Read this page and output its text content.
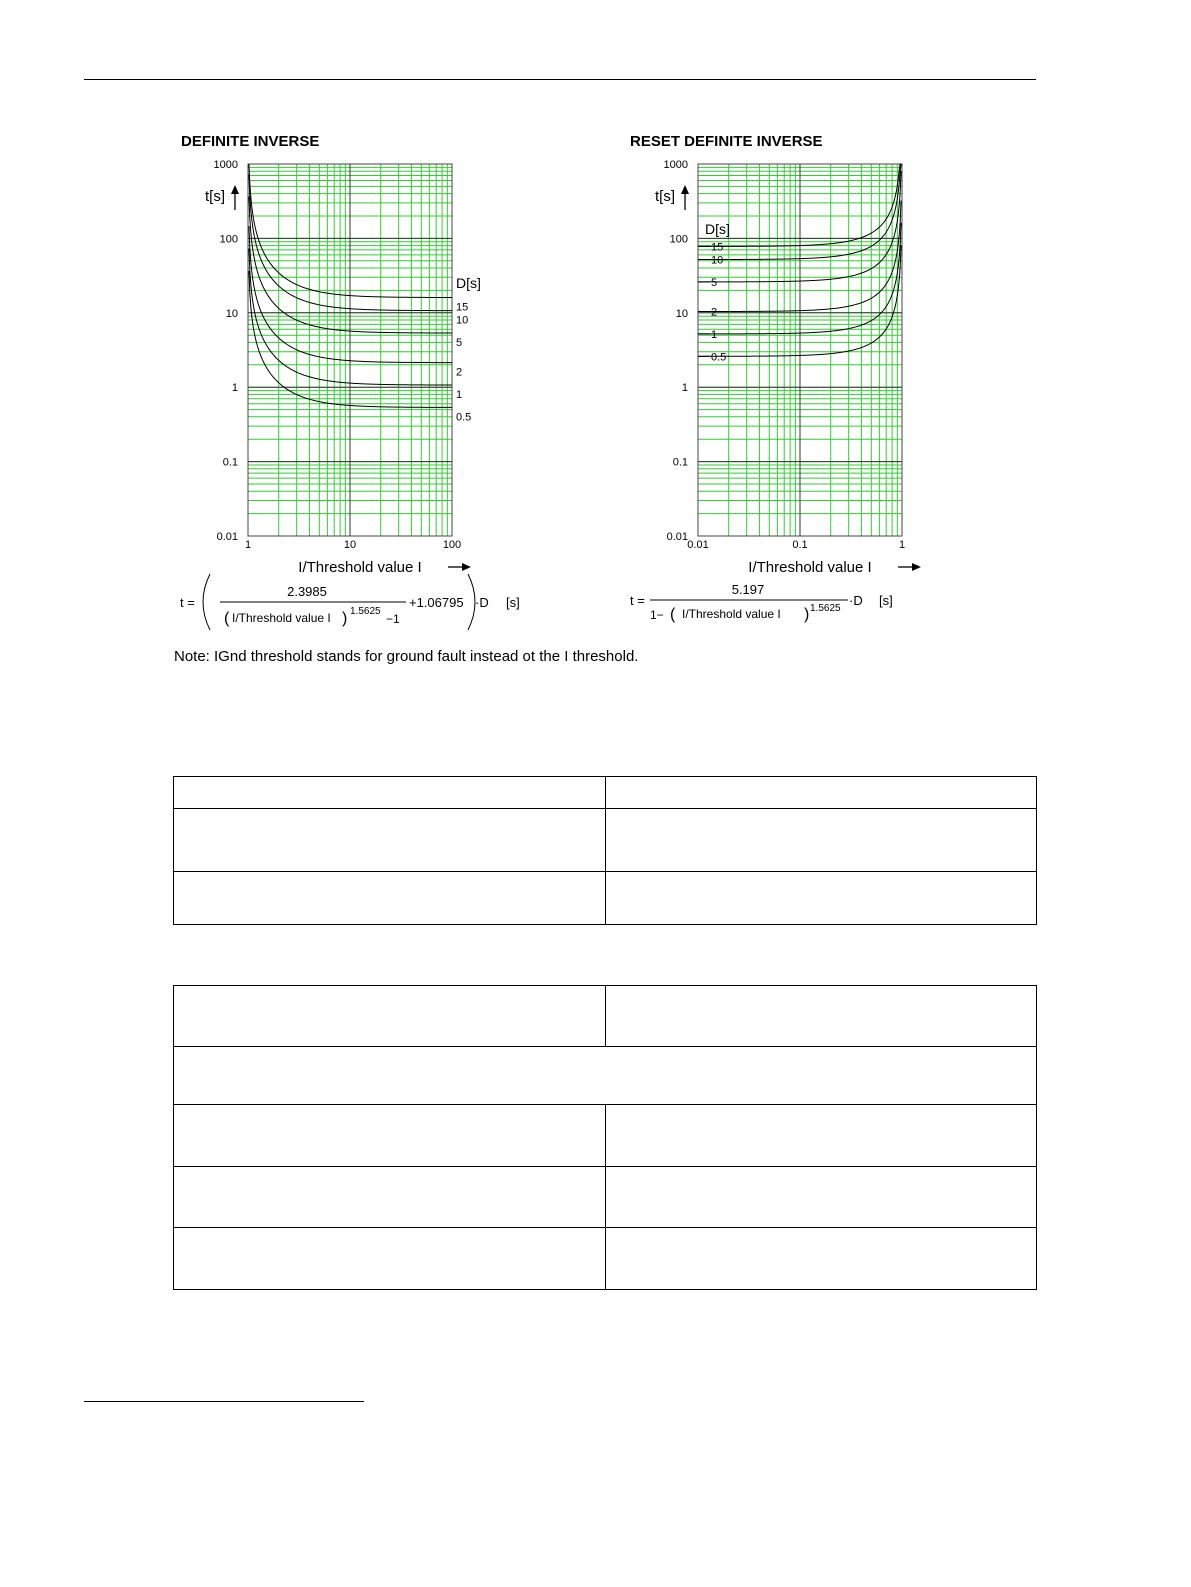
DEFINITE INVERSE	RESET DEFINITE INVERSE
1000
100
10
1
0.1
0.01
1	10	100
t[s]
I/Threshold value I
D[s]
15
10
5
2
1
0.5
t =
2.3985
( I/Threshold value I ) 1.5625
−1
+1.06795 ·D [s]
1000
100
10
1
0.1
0.01
0.01	0.1	1
t[s]
I/Threshold value I
D[s]
15
10
5
2
1
0.5
t =
5.197
1− ( I/Threshold value I ) 1.5625
·D [s]
Note: IGnd threshold stands for ground fault instead ot the I threshold.
